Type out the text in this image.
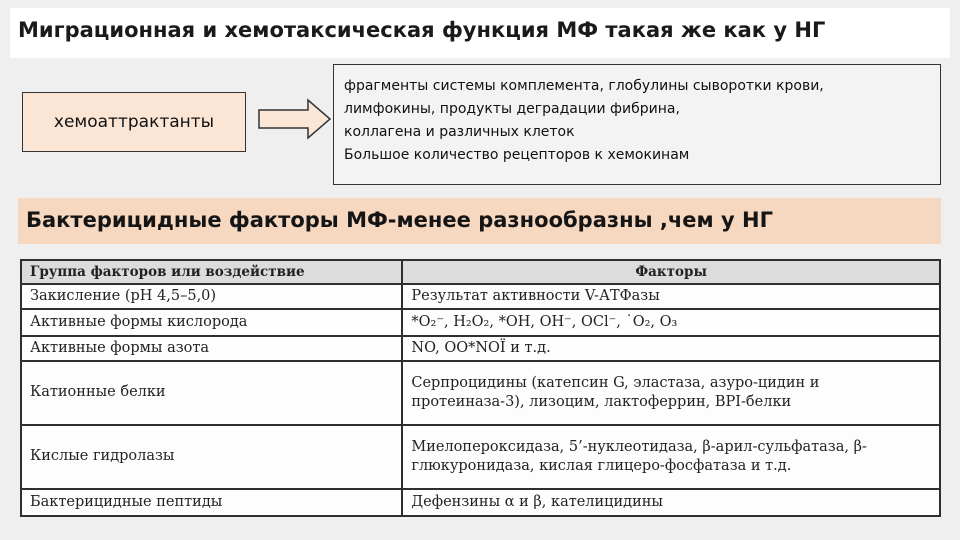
Миграционная и хемотаксическая функция МФ такая же как у НГ
хемоаттрактанты
фрагменты системы комплемента, глобулины сыворотки крови,
лимфокины, продукты деградации фибрина,
коллагена и различных клеток
Большое количество рецепторов к хемокинам
Бактерицидные факторы МФ-менее разнообразны ,чем у НГ
Группа факторов или воздействие	Факторы
Закисление (рН 4,5–5,0)	Результат активности V-АТФазы
Активные формы кислорода	*O₂⁻, H₂O₂, *OH, OH⁻, OCl⁻, ˙O₂, O₃
Активные формы азота	NO, OO*NOÏ и т.д.
Катионные белки	Серпроцидины (катепсин G, эластаза, азуро-цидин и протеиназа-3), лизоцим, лактоферрин, BPI-белки
Кислые гидролазы	Миелопероксидаза, 5’-нуклеотидаза, β-арил-сульфатаза, β-глюкуронидаза, кислая глицеро-фосфатаза и т.д.
Бактерицидные пептиды	Дефензины α и β, кателицидины
